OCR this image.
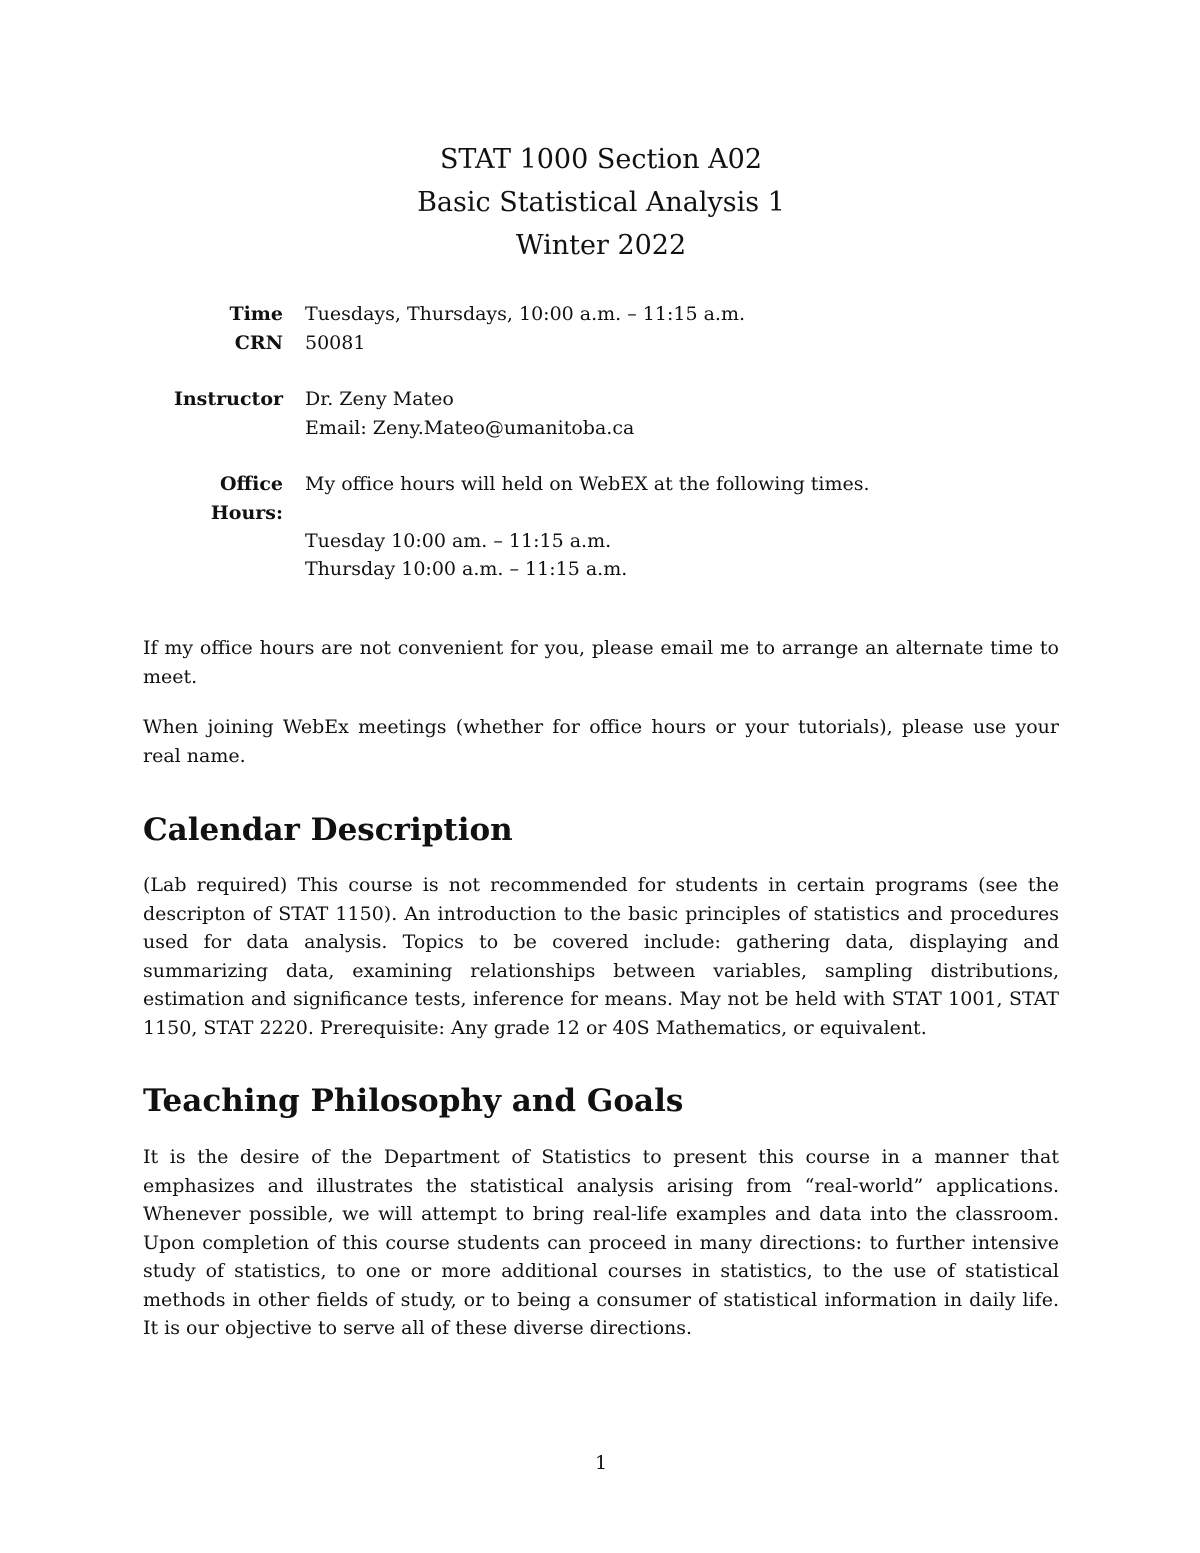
STAT 1000 Section A02
Basic Statistical Analysis 1
Winter 2022
Time	Tuesdays, Thursdays, 10:00 a.m. – 11:15 a.m.
CRN	50081
Instructor	Dr. Zeny Mateo
Email: Zeny.Mateo@umanitoba.ca
Office Hours:
My office hours will held on WebEX at the following times.
Tuesday 10:00 am. – 11:15 a.m.
Thursday 10:00 a.m. – 11:15 a.m.

If my office hours are not convenient for you, please email me to arrange an alternate time to meet.

When joining WebEx meetings (whether for office hours or your tutorials), please use your real name.

Calendar Description

(Lab required) This course is not recommended for students in certain programs (see the descripton of STAT 1150). An introduction to the basic principles of statistics and procedures used for data analysis. Topics to be covered include: gathering data, displaying and summarizing data, examining relationships between variables, sampling distributions, estimation and significance tests, inference for means. May not be held with STAT 1001, STAT 1150, STAT 2220. Prerequisite: Any grade 12 or 40S Mathematics, or equivalent.

Teaching Philosophy and Goals

It is the desire of the Department of Statistics to present this course in a manner that emphasizes and illustrates the statistical analysis arising from “real-world” applications. Whenever possible, we will attempt to bring real-life examples and data into the classroom. Upon completion of this course students can proceed in many directions: to further intensive study of statistics, to one or more additional courses in statistics, to the use of statistical methods in other fields of study, or to being a consumer of statistical information in daily life. It is our objective to serve all of these diverse directions.

1
